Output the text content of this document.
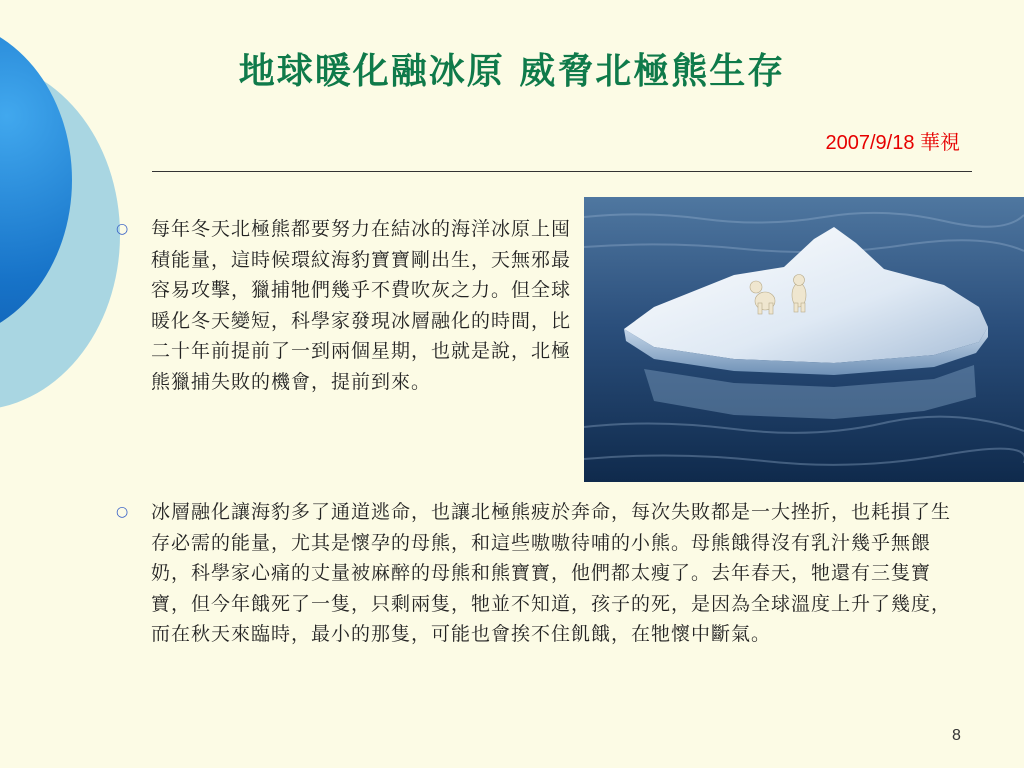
地球暖化融冰原 威脅北極熊生存
2007/9/18 華視
○ 每年冬天北極熊都要努力在結冰的海洋冰原上囤積能量，這時候環紋海豹寶寶剛出生，天無邪最容易攻擊，獵捕牠們幾乎不費吹灰之力。但全球暖化冬天變短，科學家發現冰層融化的時間，比二十年前提前了一到兩個星期，也就是說，北極熊獵捕失敗的機會，提前到來。
○ 冰層融化讓海豹多了通道逃命，也讓北極熊疲於奔命，每次失敗都是一大挫折，也耗損了生存必需的能量，尤其是懷孕的母熊，和這些嗷嗷待哺的小熊。母熊餓得沒有乳汁幾乎無餵奶，科學家心痛的丈量被麻醉的母熊和熊寶寶，他們都太瘦了。去年春天，牠還有三隻寶寶，但今年餓死了一隻，只剩兩隻，牠並不知道，孩子的死，是因為全球溫度上升了幾度，而在秋天來臨時，最小的那隻，可能也會挨不住飢餓，在牠懷中斷氣。
8
